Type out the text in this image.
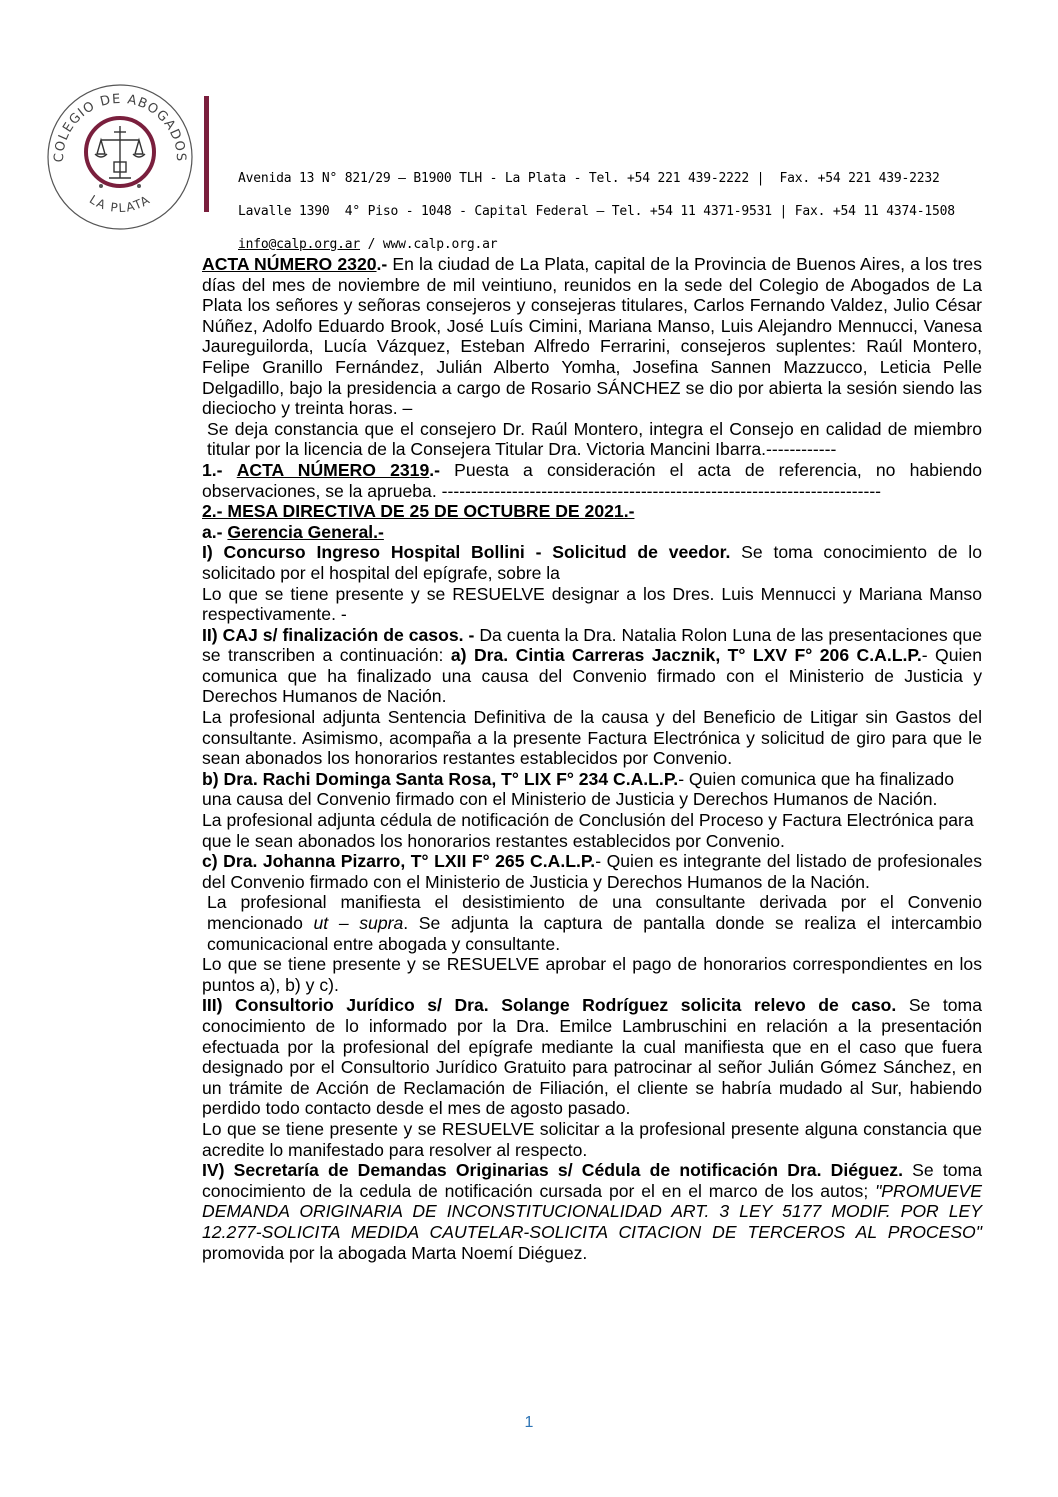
COLEGIO DE ABOGADOS
LA PLATA

Avenida 13 N° 821/29 – B1900 TLH - La Plata - Tel. +54 221 439-2222 |  Fax. +54 221 439-2232

Lavalle 1390  4° Piso - 1048 - Capital Federal – Tel. +54 11 4371-9531 | Fax. +54 11 4374-1508

info@calp.org.ar / www.calp.org.ar

ACTA NÚMERO 2320.- En la ciudad de La Plata, capital de la Provincia de Buenos Aires, a los tres días del mes de noviembre de mil veintiuno, reunidos en la sede del Colegio de Abogados de La Plata los señores y señoras consejeros y consejeras titulares, Carlos Fernando Valdez, Julio César Núñez, Adolfo Eduardo Brook, José Luís Cimini, Mariana Manso, Luis Alejandro Mennucci, Vanesa Jaureguilorda, Lucía Vázquez, Esteban Alfredo Ferrarini, consejeros suplentes: Raúl Montero, Felipe Granillo Fernández, Julián Alberto Yomha, Josefina Sannen Mazzucco, Leticia Pelle Delgadillo, bajo la presidencia a cargo de Rosario SÁNCHEZ se dio por abierta la sesión siendo las dieciocho y treinta horas. –

Se deja constancia que el consejero Dr. Raúl Montero, integra el Consejo en calidad de miembro titular por la licencia de la Consejera Titular Dra. Victoria Mancini Ibarra.------------

1.- ACTA NÚMERO 2319.- Puesta a consideración el acta de referencia, no habiendo observaciones, se la aprueba. ---------------------------------------------------------------------------

2.- MESA DIRECTIVA DE 25 DE OCTUBRE DE 2021.-

a.- Gerencia General.-

I) Concurso Ingreso Hospital Bollini - Solicitud de veedor. Se toma conocimiento de lo solicitado por el hospital del epígrafe, sobre la

Lo que se tiene presente y se RESUELVE designar a los Dres. Luis Mennucci y Mariana Manso respectivamente. -

II) CAJ s/ finalización de casos. - Da cuenta la Dra. Natalia Rolon Luna de las presentaciones que se transcriben a continuación: a) Dra. Cintia Carreras Jacznik, T° LXV F° 206 C.A.L.P.- Quien comunica que ha finalizado una causa del Convenio firmado con el Ministerio de Justicia y Derechos Humanos de Nación.

La profesional adjunta Sentencia Definitiva de la causa y del Beneficio de Litigar sin Gastos del consultante. Asimismo, acompaña a la presente Factura Electrónica y solicitud de giro para que le sean abonados los honorarios restantes establecidos por Convenio.

b) Dra. Rachi Dominga Santa Rosa, T° LIX F° 234 C.A.L.P.- Quien comunica que ha finalizado una causa del Convenio firmado con el Ministerio de Justicia y Derechos Humanos de Nación.

La profesional adjunta cédula de notificación de Conclusión del Proceso y Factura Electrónica para que le sean abonados los honorarios restantes establecidos por Convenio.

c) Dra. Johanna Pizarro, T° LXII F° 265 C.A.L.P.- Quien es integrante del listado de profesionales del Convenio firmado con el Ministerio de Justicia y Derechos Humanos de la Nación.

La profesional manifiesta el desistimiento de una consultante derivada por el Convenio mencionado ut – supra. Se adjunta la captura de pantalla donde se realiza el intercambio comunicacional entre abogada y consultante.

Lo que se tiene presente y se RESUELVE aprobar el pago de honorarios correspondientes en los puntos a), b) y c).

III) Consultorio Jurídico s/ Dra. Solange Rodríguez solicita relevo de caso. Se toma conocimiento de lo informado por la Dra. Emilce Lambruschini en relación a la presentación efectuada por la profesional del epígrafe mediante la cual manifiesta que en el caso que fuera designado por el Consultorio Jurídico Gratuito para patrocinar al señor Julián Gómez Sánchez, en un trámite de Acción de Reclamación de Filiación, el cliente se habría mudado al Sur, habiendo perdido todo contacto desde el mes de agosto pasado.

Lo que se tiene presente y se RESUELVE solicitar a la profesional presente alguna constancia que acredite lo manifestado para resolver al respecto.

IV) Secretaría de Demandas Originarias s/ Cédula de notificación Dra. Diéguez. Se toma conocimiento de la cedula de notificación cursada por el en el marco de los autos; "PROMUEVE DEMANDA ORIGINARIA DE INCONSTITUCIONALIDAD ART. 3 LEY 5177 MODIF. POR LEY 12.277-SOLICITA MEDIDA CAUTELAR-SOLICITA CITACION DE TERCEROS AL PROCESO" promovida por la abogada Marta Noemí Diéguez.

1
